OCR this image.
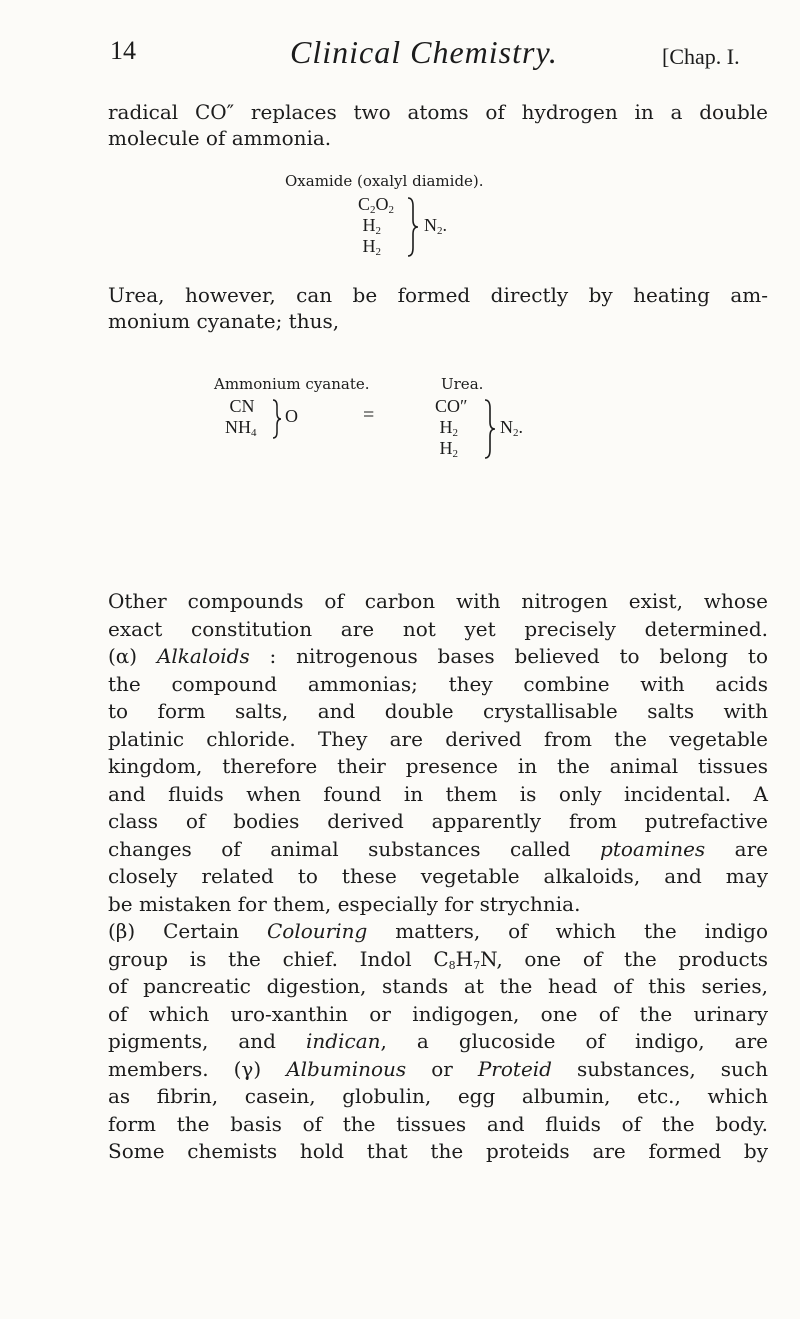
14	Clinical Chemistry.	[Chap. I.
radical CO″ replaces two atoms of hydrogen in a double
molecule of ammonia.
Oxamide (oxalyl diamide).
$C_2O_2$
$H_2$
$H_2$
$N_2$.
Urea, however, can be formed directly by heating am-
monium cyanate; thus,
Ammonium cyanate.	Urea.
CN
$NH_4$
O	=	CO″
$H_2$
$H_2$
$N_2$.
Other compounds of carbon with nitrogen exist, whose
exact constitution are not yet precisely determined.
(α) Alkaloids : nitrogenous bases believed to belong to
the compound ammonias; they combine with acids
to form salts, and double crystallisable salts with
platinic chloride. They are derived from the vegetable
kingdom, therefore their presence in the animal tissues
and fluids when found in them is only incidental. A
class of bodies derived apparently from putrefactive
changes of animal substances called ptoamines are
closely related to these vegetable alkaloids, and may
be mistaken for them, especially for strychnia.
(β) Certain Colouring matters, of which the indigo
group is the chief. Indol $C_8H_7N$, one of the products
of pancreatic digestion, stands at the head of this series,
of which uro-xanthin or indigogen, one of the urinary
pigments, and indican, a glucoside of indigo, are
members. (γ) Albuminous or Proteid substances, such
as fibrin, casein, globulin, egg albumin, etc., which
form the basis of the tissues and fluids of the body.
Some chemists hold that the proteids are formed by
